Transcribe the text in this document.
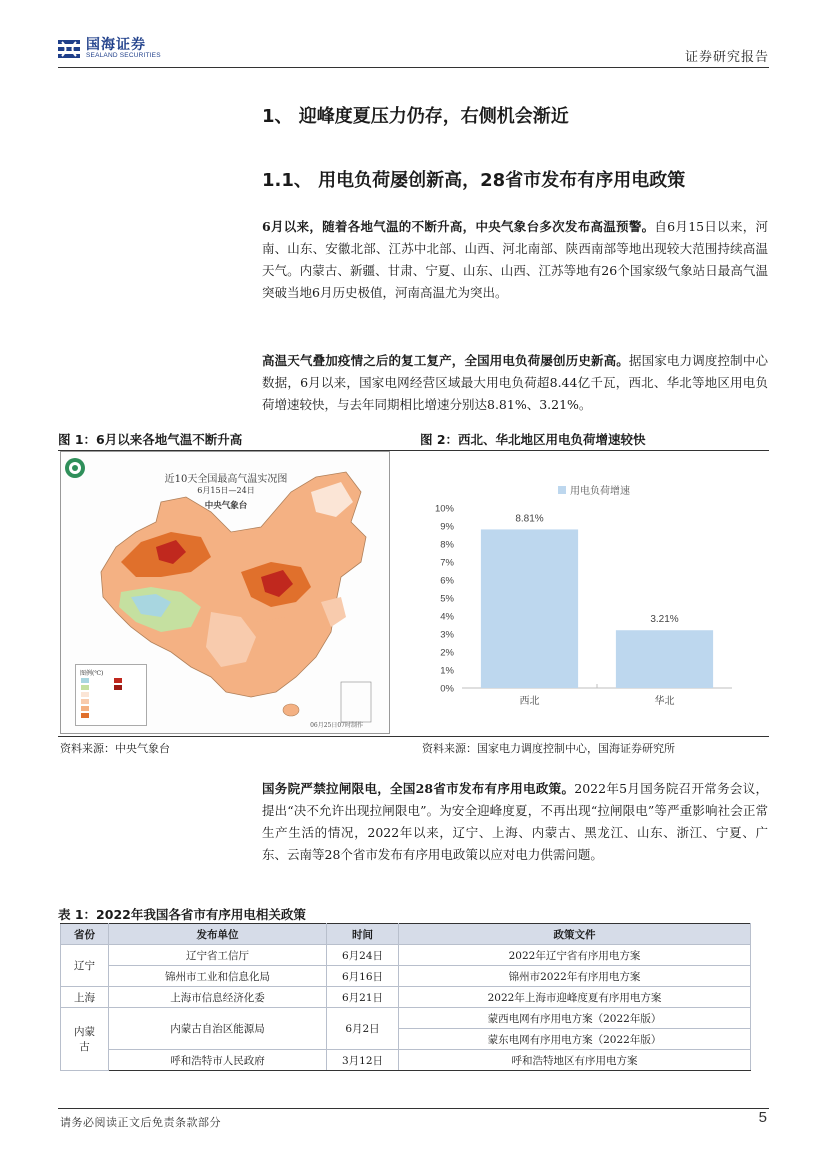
国海证券
SEALAND SECURITIES	证券研究报告
1、 迎峰度夏压力仍存，右侧机会渐近
1.1、 用电负荷屡创新高，28省市发布有序用电政策
6月以来，随着各地气温的不断升高，中央气象台多次发布高温预警。自6月15日以来，河南、山东、安徽北部、江苏中北部、山西、河北南部、陕西南部等地出现较大范围持续高温天气。内蒙古、新疆、甘肃、宁夏、山东、山西、江苏等地有26个国家级气象站日最高气温突破当地6月历史极值，河南高温尤为突出。
高温天气叠加疫情之后的复工复产，全国用电负荷屡创历史新高。据国家电力调度控制中心数据，6月以来，国家电网经营区域最大用电负荷超8.44亿千瓦，西北、华北等地区用电负荷增速较快，与去年同期相比增速分别达8.81%、3.21%。
图 1：6月以来各地气温不断升高	图 2：西北、华北地区用电负荷增速较快
近10天全国最高气温实况图
6月15日—24日
中央气象台
图例(℃)
06月25日07时制作
用电负荷增速
0%
1%
2%
3%
4%
5%
6%
7%
8%
9%
10%
8.81%
西北
3.21%
华北
资料来源：中央气象台	资料来源：国家电力调度控制中心，国海证券研究所
国务院严禁拉闸限电，全国28省市发布有序用电政策。2022年5月国务院召开常务会议，提出“决不允许出现拉闸限电”。为安全迎峰度夏，不再出现“拉闸限电”等严重影响社会正常生产生活的情况，2022年以来，辽宁、上海、内蒙古、黑龙江、山东、浙江、宁夏、广东、云南等28个省市发布有序用电政策以应对电力供需问题。
表 1：2022年我国各省市有序用电相关政策
省份	发布单位	时间	政策文件
辽宁	辽宁省工信厅	6月24日	2022年辽宁省有序用电方案
	锦州市工业和信息化局	6月16日	锦州市2022年有序用电方案
上海	上海市信息经济化委	6月21日	2022年上海市迎峰度夏有序用电方案
内蒙古	内蒙古自治区能源局	6月2日	蒙西电网有序用电方案（2022年版）
			蒙东电网有序用电方案（2022年版）
	呼和浩特市人民政府	3月12日	呼和浩特地区有序用电方案
请务必阅读正文后免责条款部分	5
